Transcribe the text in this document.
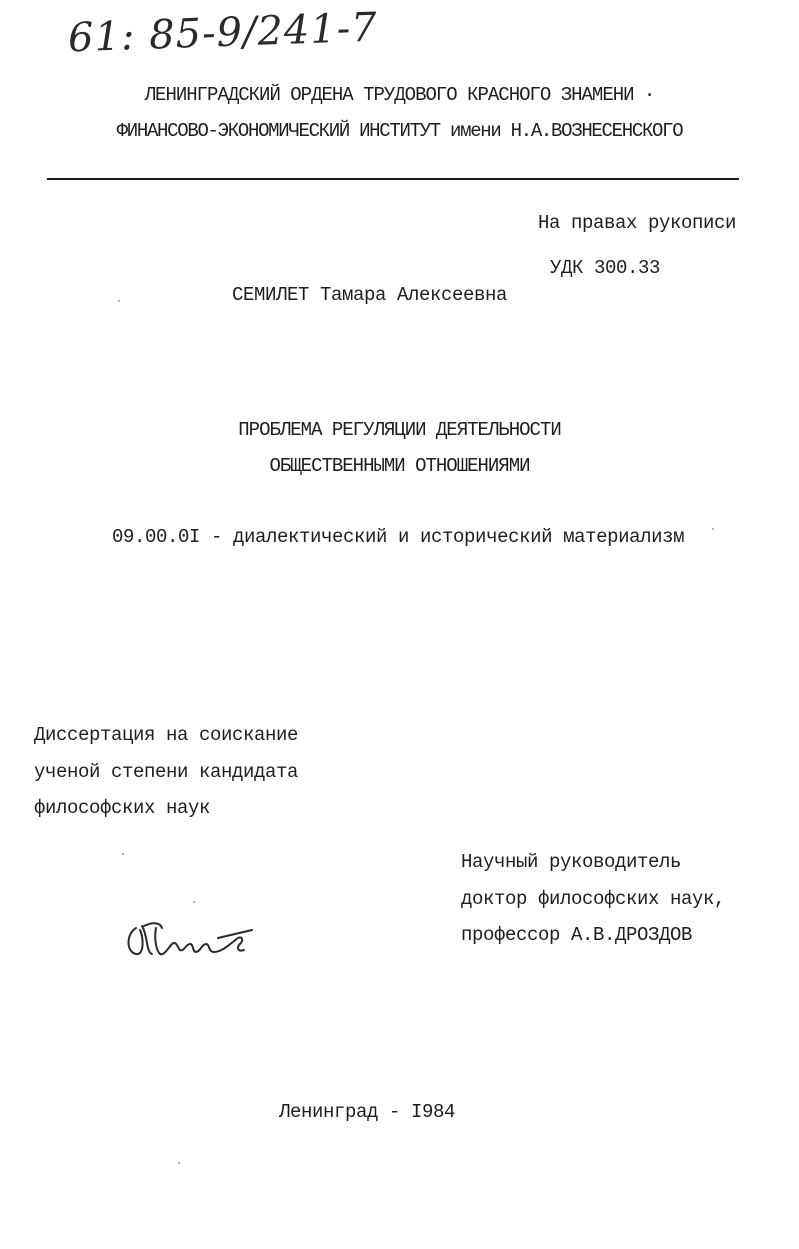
61: 85-9/241-7
ЛЕНИНГРАДСКИЙ ОРДЕНА ТРУДОВОГО КРАСНОГО ЗНАМЕНИ ·
ФИНАНСОВО-ЭКОНОМИЧЕСКИЙ ИНСТИТУТ имени Н.А.ВОЗНЕСЕНСКОГО
На правах рукописи
УДК 300.33
СЕМИЛЕТ Тамара Алексеевна
ПРОБЛЕМА РЕГУЛЯЦИИ ДЕЯТЕЛЬНОСТИ
ОБЩЕСТВЕННЫМИ ОТНОШЕНИЯМИ
09.00.0I - диалектический и исторический материализм
Диссертация на соискание
ученой степени кандидата
философских наук
Научный руководитель
доктор философских наук,
профессор А.В.ДРОЗДОВ
Ленинград - I984
